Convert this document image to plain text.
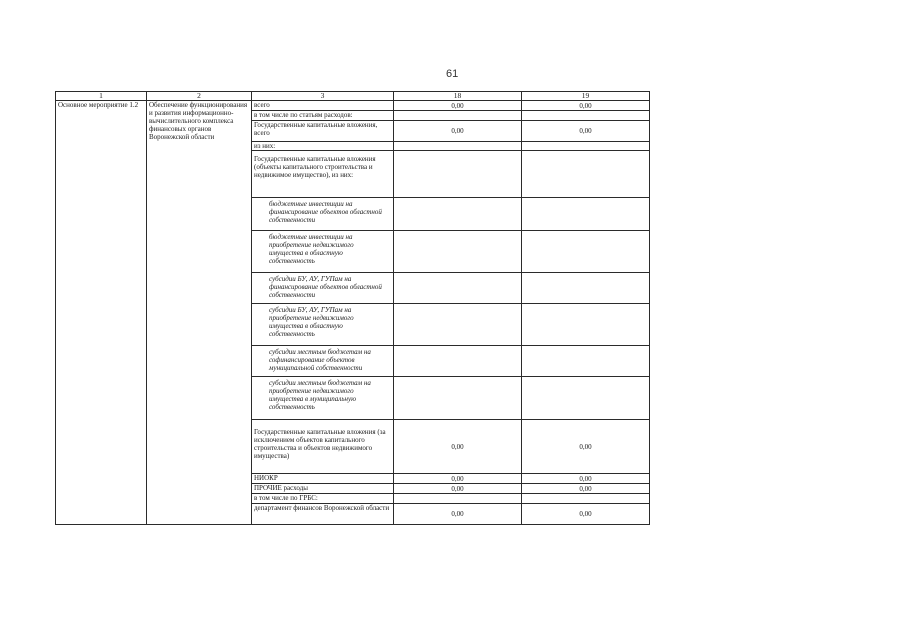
61
1	2	3	18	19
Основное мероприятие 1.2	Обеспечение функционирования и развития информационно-вычислительного комплекса финансовых органов Воронежской области	всего	0,00	0,00
		в том числе по статьям расходов:		
		Государственные капитальные вложения, всего	0,00	0,00
		из них:		
		Государственные капитальные вложения (объекты капитального строительства и недвижимое имущество), из них:		
		бюджетные инвестиции на финансирование объектов областной собственности		
		бюджетные инвестиции на приобретение недвижимого имущества в областную собственность		
		субсидии БУ, АУ, ГУПам на финансирование объектов областной собственности		
		субсидии БУ, АУ, ГУПам на приобретение недвижимого имущества в областную собственность		
		субсидии местным бюджетам на софинансирование объектов муниципальной собственности		
		субсидии местным бюджетам на приобретение недвижимого имущества в муниципальную собственность		
		Государственные капитальные вложения (за исключением объектов капитального строительства и объектов недвижимого имущества)	0,00	0,00
		НИОКР	0,00	0,00
		ПРОЧИЕ расходы	0,00	0,00
		в том числе по ГРБС:		
		департамент финансов Воронежской области	0,00	0,00
